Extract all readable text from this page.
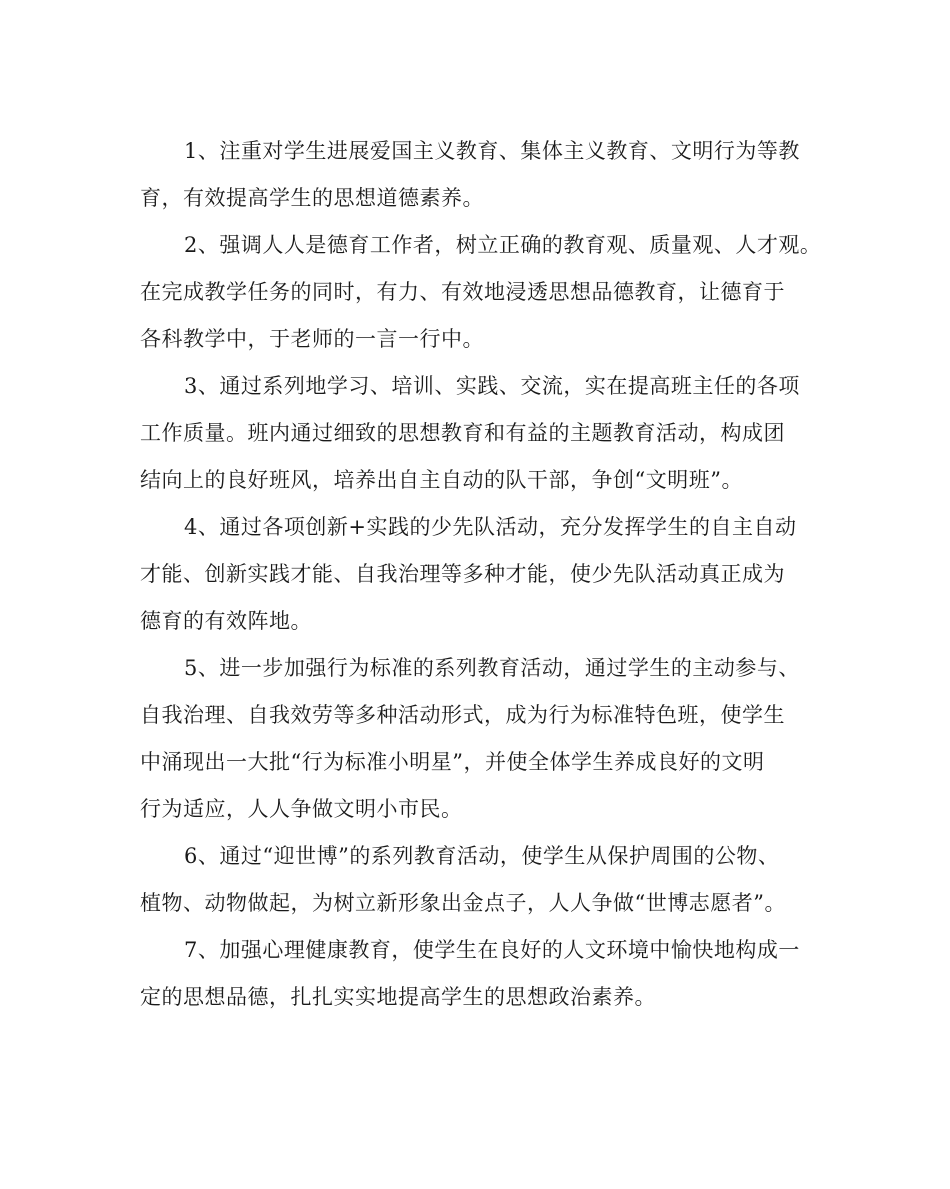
1、注重对学生进展爱国主义教育、集体主义教育、文明行为等教
育，有效提高学生的思想道德素养。
2、强调人人是德育工作者，树立正确的教育观、质量观、人才观。
在完成教学任务的同时，有力、有效地浸透思想品德教育，让德育于
各科教学中，于老师的一言一行中。
3、通过系列地学习、培训、实践、交流，实在提高班主任的各项
工作质量。班内通过细致的思想教育和有益的主题教育活动，构成团
结向上的良好班风，培养出自主自动的队干部，争创“文明班”。
4、通过各项创新+实践的少先队活动，充分发挥学生的自主自动
才能、创新实践才能、自我治理等多种才能，使少先队活动真正成为
德育的有效阵地。
5、进一步加强行为标准的系列教育活动，通过学生的主动参与、
自我治理、自我效劳等多种活动形式，成为行为标准特色班，使学生
中涌现出一大批“行为标准小明星”，并使全体学生养成良好的文明
行为适应，人人争做文明小市民。
6、通过“迎世博”的系列教育活动，使学生从保护周围的公物、
植物、动物做起，为树立新形象出金点子，人人争做“世博志愿者”。
7、加强心理健康教育，使学生在良好的人文环境中愉快地构成一
定的思想品德，扎扎实实地提高学生的思想政治素养。
